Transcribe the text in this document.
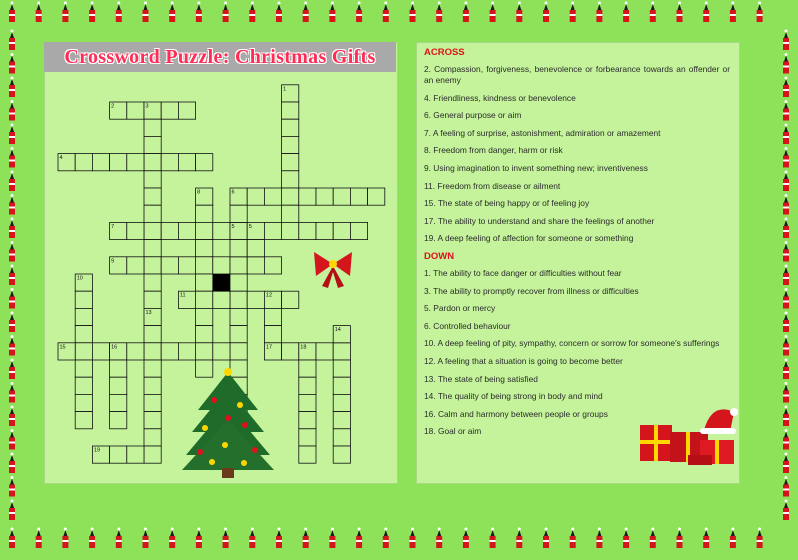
Crossword Puzzle: Christmas Gifts	ACROSS
2. Compassion, forgiveness, benevolence or forbearance towards an offender or an enemy
4. Friendliness, kindness or benevolence
6. General purpose or aim
7. A feeling of surprise, astonishment, admiration or amazement
8. Freedom from danger, harm or risk
9. Using imagination to invent something new; inventiveness
11. Freedom from disease or ailment
15. The state of being happy or of feeling joy
17. The ability to understand and share the feelings of another
19. A deep feeling of affection for someone or something
DOWN
1. The ability to face danger or difficulties without fear
3. The ability to promptly recover from illness or difficulties
5. Pardon or mercy
6. Controlled behaviour
10. A deep feeling of pity, sympathy, concern or sorrow for someone's sufferings
12. A feeling that a situation is going to become better
13. The state of being satisfied
14. The quality of being strong in body and mind
16. Calm and harmony between people or groups
18. Goal or aim
2
1
3
4
8	6
7	5
9
5
10
11	12
13
15	16	17	18
14
19
